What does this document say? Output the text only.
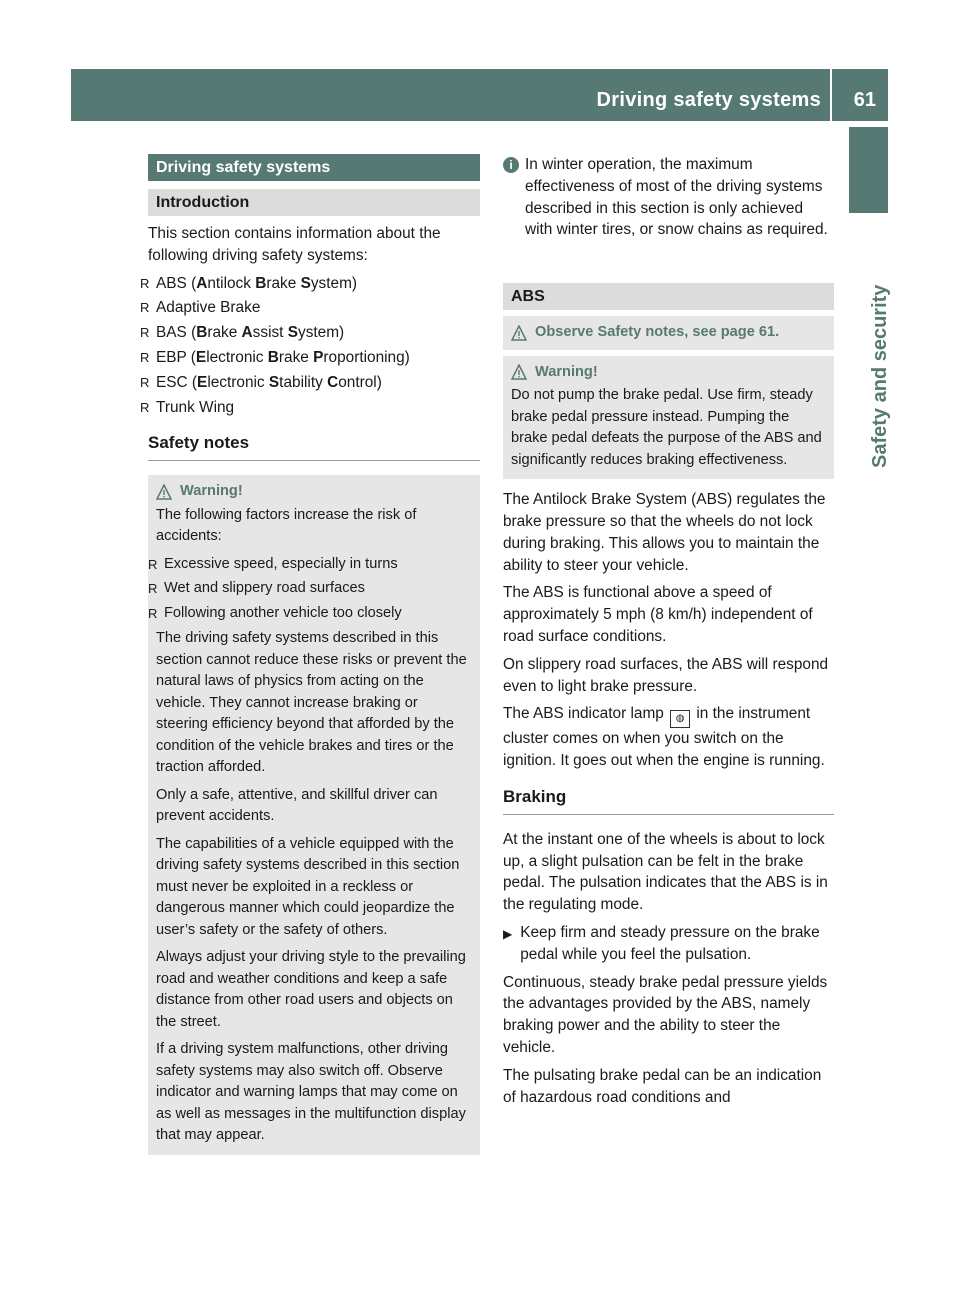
Driving safety systems 61
Safety and security
Driving safety systems
Introduction

This section contains information about the following driving safety systems:

R ABS (Antilock Brake System)
R Adaptive Brake
R BAS (Brake Assist System)
R EBP (Electronic Brake Proportioning)
R ESC (Electronic Stability Control)
R Trunk Wing
Safety notes
Warning!

The following factors increase the risk of accidents:

R Excessive speed, especially in turns
R Wet and slippery road surfaces
R Following another vehicle too closely

The driving safety systems described in this section cannot reduce these risks or prevent the natural laws of physics from acting on the vehicle. They cannot increase braking or steering efficiency beyond that afforded by the condition of the vehicle brakes and tires or the traction afforded.

Only a safe, attentive, and skillful driver can prevent accidents.

The capabilities of a vehicle equipped with the driving safety systems described in this section must never be exploited in a reckless or dangerous manner which could jeopardize the user’s safety or the safety of others.

Always adjust your driving style to the prevailing road and weather conditions and keep a safe distance from other road users and objects on the street.

If a driving system malfunctions, other driving safety systems may also switch off. Observe indicator and warning lamps that may come on as well as messages in the multifunction display that may appear.

i In winter operation, the maximum effectiveness of most of the driving systems described in this section is only achieved with winter tires, or snow chains as required.
ABS
Observe Safety notes, see page 61.
Warning!

Do not pump the brake pedal. Use firm, steady brake pedal pressure instead. Pumping the brake pedal defeats the purpose of the ABS and significantly reduces braking effectiveness.

The Antilock Brake System (ABS) regulates the brake pressure so that the wheels do not lock during braking. This allows you to maintain the ability to steer your vehicle.

The ABS is functional above a speed of approximately 5 mph (8 km/h) independent of road surface conditions.

On slippery road surfaces, the ABS will respond even to light brake pressure.

The ABS indicator lamp ◍ in the instrument cluster comes on when you switch on the ignition. It goes out when the engine is running.

Braking

At the instant one of the wheels is about to lock up, a slight pulsation can be felt in the brake pedal. The pulsation indicates that the ABS is in the regulating mode.

▶ Keep firm and steady pressure on the brake pedal while you feel the pulsation.

Continuous, steady brake pedal pressure yields the advantages provided by the ABS, namely braking power and the ability to steer the vehicle.

The pulsating brake pedal can be an indication of hazardous road conditions and
